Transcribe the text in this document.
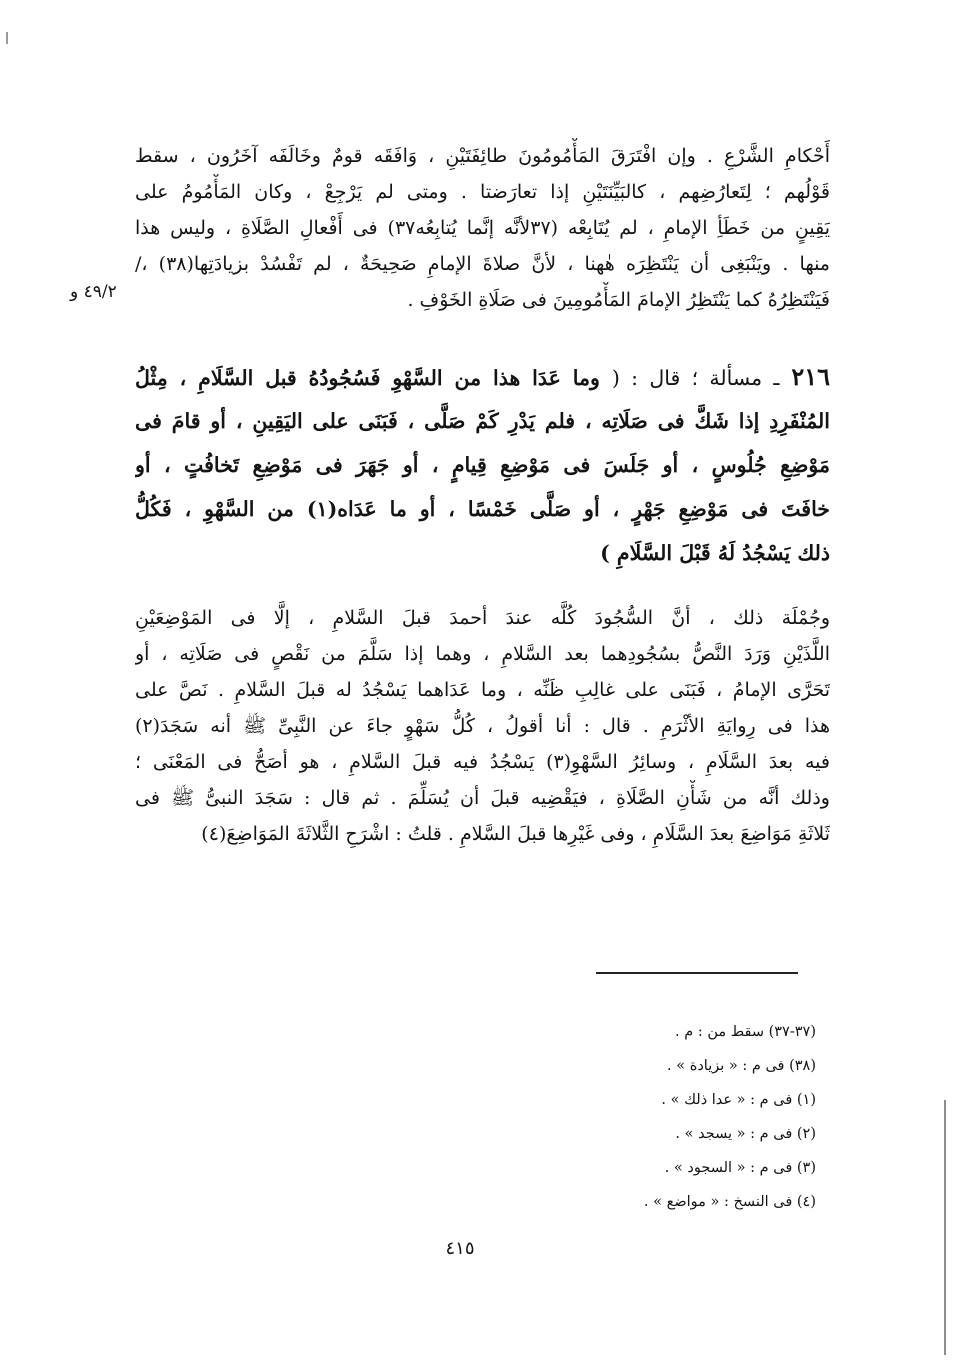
أَحْكامِ الشَّرْعِ . وإن افْتَرَقَ المَأْمُومُونَ طائِفَتَيْنِ ، وَافَقَه قومٌ وخَالَفَه آخَرُون ، سقط
قَوْلُهم ؛ لِتَعارُضِهم ، كالبَيِّنَتَيْنِ إذا تعارَضتا . ومتى لم يَرْجِعْ ، وكان المَأْمُومُ على
يَقِينٍ من خَطَأِ الإمامِ ، لم يُتَابِعْه (٣٧لأنَّه إنَّما يُتابِعُه٣٧) فى أَفْعالِ الصَّلَاةِ ، وليس هذا
منها . ويَنْبَغِى أن يَنْتَظِرَه هٰهنا ، لأنَّ صلاةَ الإمامِ صَحِيحَةٌ ، لم تَفْسُدْ بزيادَتِها(٣٨) ،/
فَيَنْتَظِرُهُ كما يَنْتَظِرُ الإمامَ المَأْمُومِينَ فى صَلَاةِ الخَوْفِ .
٤٩/٢ و
٢١٦ ـ مسألة ؛ قال : ( وما عَدَا هذا من السَّهْوِ فَسُجُودُهُ قبل السَّلَامِ ، مِثْلُ
المُنْفَرِدِ إذا شَكَّ فى صَلَاتِه ، فلم يَدْرِ كَمْ صَلَّى ، فَبَنَى على اليَقِينِ ، أو قامَ فى
مَوْضِعِ جُلُوسٍ ، أو جَلَسَ فى مَوْضِعِ قِيامٍ ، أو جَهَرَ فى مَوْضِعِ تَخافُتٍ ، أو
خافَتَ فى مَوْضِعِ جَهْرٍ ، أو صَلَّى خَمْسًا ، أو ما عَدَاه(١) من السَّهْوِ ، فَكُلُّ
ذلك يَسْجُدُ لَهُ قَبْلَ السَّلَامِ )
وجُمْلَة ذلك ، أنَّ السُّجُودَ كُلَّه عندَ أحمدَ قبلَ السَّلامِ ، إلَّا فى المَوْضِعَيْنِ
اللَّذَيْنِ وَرَدَ النَّصُّ بسُجُودِهما بعد السَّلامِ ، وهما إذا سَلَّمَ من نَقْصٍ فى صَلَاتِه ، أو
تَحَرَّى الإمامُ ، فَبَنَى على غالِبِ ظَنِّه ، وما عَدَاهما يَسْجُدُ له قبلَ السَّلامِ . نَصَّ على
هذا فى رِوايَةِ الأثْرَمِ . قال : أنا أقولُ ، كُلُّ سَهْوٍ جاءَ عن النَّبِىِّ ﷺ أنه سَجَدَ(٢)
فيه بعدَ السَّلَامِ ، وسائِرُ السَّهْوِ(٣) يَسْجُدُ فيه قبلَ السَّلامِ ، هو أصَحُّ فى المَعْنَى ؛
وذلك أنَّه من شَأْنِ الصَّلَاةِ ، فيَقْضِيه قبلَ أن يُسَلِّمَ . ثم قال : سَجَدَ النبىُّ ﷺ فى
ثَلاثَةِ مَوَاضِعَ بعدَ السَّلَامِ ، وفى غَيْرِها قبلَ السَّلامِ . قلتُ : اشْرَحِ الثَّلاثَةَ المَوَاضِعَ(٤)
(٣٧-٣٧) سقط من : م .
(٣٨) فى م : « بزيادة » .
(١) فى م : « عدا ذلك » .
(٢) فى م : « يسجد » .
(٣) فى م : « السجود » .
(٤) فى النسخ : « مواضع » .
٤١٥
